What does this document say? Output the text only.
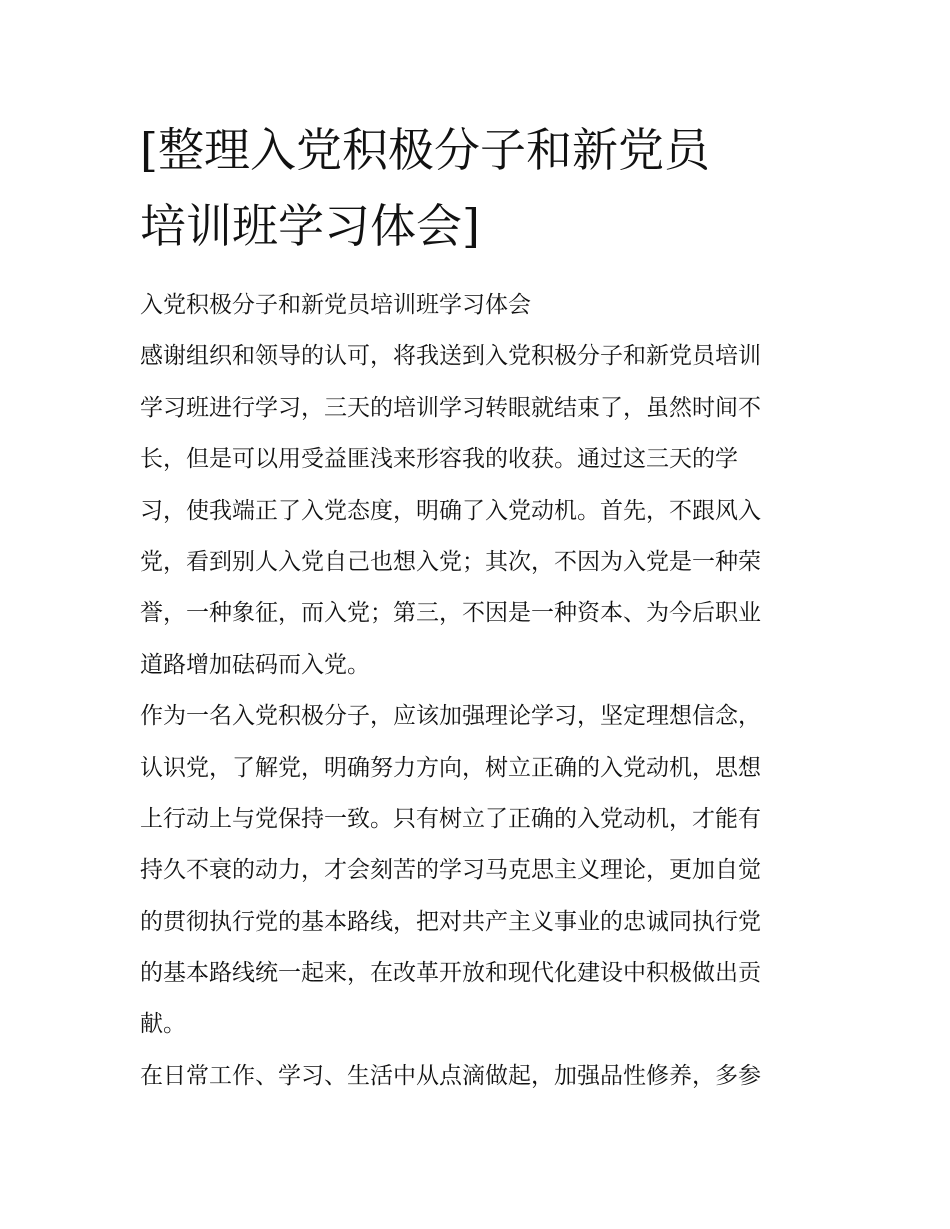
[整理入党积极分子和新党员
培训班学习体会]

入党积极分子和新党员培训班学习体会

感谢组织和领导的认可，将我送到入党积极分子和新党员培训

学习班进行学习，三天的培训学习转眼就结束了，虽然时间不

长，但是可以用受益匪浅来形容我的收获。通过这三天的学

习，使我端正了入党态度，明确了入党动机。首先，不跟风入

党，看到别人入党自己也想入党；其次，不因为入党是一种荣

誉，一种象征，而入党；第三，不因是一种资本、为今后职业

道路增加砝码而入党。

作为一名入党积极分子，应该加强理论学习，坚定理想信念，

认识党，了解党，明确努力方向，树立正确的入党动机，思想

上行动上与党保持一致。只有树立了正确的入党动机，才能有

持久不衰的动力，才会刻苦的学习马克思主义理论，更加自觉

的贯彻执行党的基本路线，把对共产主义事业的忠诚同执行党

的基本路线统一起来，在改革开放和现代化建设中积极做出贡

献。

在日常工作、学习、生活中从点滴做起，加强品性修养，多参
